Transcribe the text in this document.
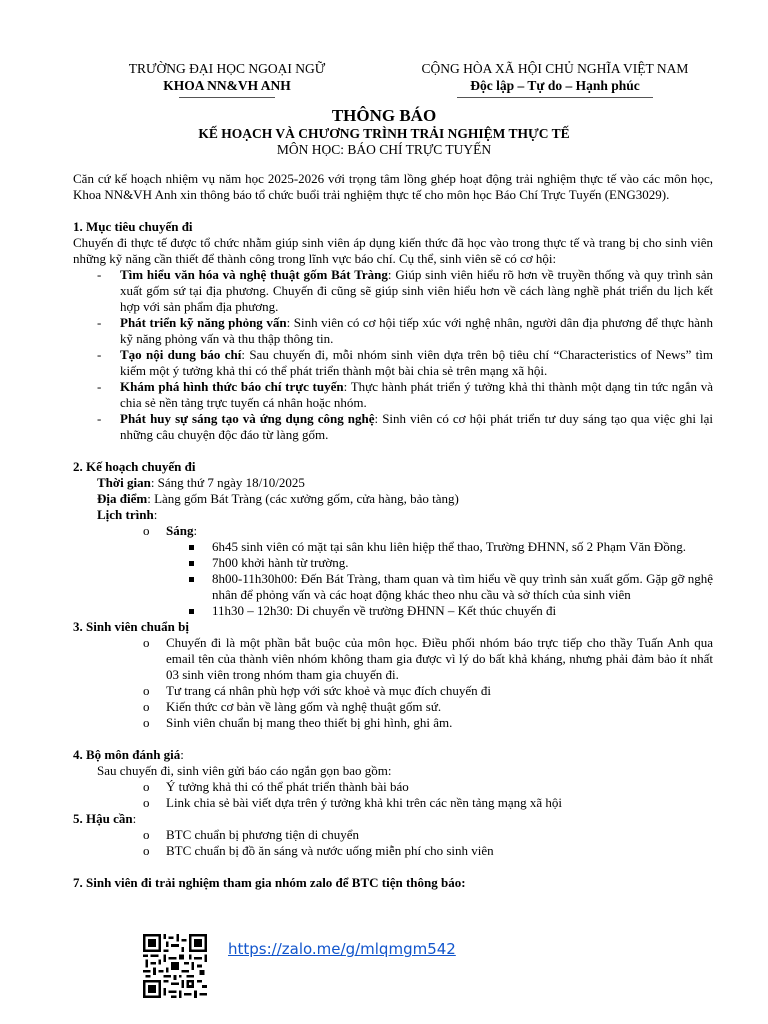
TRƯỜNG ĐẠI HỌC NGOẠI NGỮ
KHOA NN&VH ANH
CỘNG HÒA XÃ HỘI CHỦ NGHĨA VIỆT NAM
Độc lập – Tự do – Hạnh phúc
THÔNG BÁO
KẾ HOẠCH VÀ CHƯƠNG TRÌNH TRẢI NGHIỆM THỰC TẾ
MÔN HỌC: BÁO CHÍ TRỰC TUYẾN

Căn cứ kế hoạch nhiệm vụ năm học 2025-2026 với trọng tâm lồng ghép hoạt động trải nghiệm thực tế vào các môn học, Khoa NN&VH Anh xin thông báo tổ chức buổi trải nghiệm thực tế cho môn học Báo Chí Trực Tuyến (ENG3029).

1. Mục tiêu chuyến đi

Chuyến đi thực tế được tổ chức nhằm giúp sinh viên áp dụng kiến thức đã học vào trong thực tế và trang bị cho sinh viên những kỹ năng cần thiết để thành công trong lĩnh vực báo chí. Cụ thể, sinh viên sẽ có cơ hội:

- Tìm hiểu văn hóa và nghệ thuật gốm Bát Tràng: Giúp sinh viên hiểu rõ hơn về truyền thống và quy trình sản xuất gốm sứ tại địa phương. Chuyến đi cũng sẽ giúp sinh viên hiểu hơn về cách làng nghề phát triển du lịch kết hợp với sản phẩm địa phương.
- Phát triển kỹ năng phỏng vấn: Sinh viên có cơ hội tiếp xúc với nghệ nhân, người dân địa phương để thực hành kỹ năng phỏng vấn và thu thập thông tin.
- Tạo nội dung báo chí: Sau chuyến đi, mỗi nhóm sinh viên dựa trên bộ tiêu chí “Characteristics of News” tìm kiếm một ý tưởng khả thi có thể phát triển thành một bài chia sẻ trên mạng xã hội.
- Khám phá hình thức báo chí trực tuyến: Thực hành phát triển ý tưởng khả thi thành một dạng tin tức ngắn và chia sẻ nền tảng trực tuyến cá nhân hoặc nhóm.
- Phát huy sự sáng tạo và ứng dụng công nghệ: Sinh viên có cơ hội phát triển tư duy sáng tạo qua việc ghi lại những câu chuyện độc đáo từ làng gốm.

2. Kế hoạch chuyến đi

Thời gian: Sáng thứ 7 ngày 18/10/2025

Địa điểm: Làng gốm Bát Tràng (các xưởng gốm, cửa hàng, bảo tàng)

Lịch trình:

o Sáng:
6h45 sinh viên có mặt tại sân khu liên hiệp thể thao, Trường ĐHNN, số 2 Phạm Văn Đồng.
7h00 khởi hành từ trường.
8h00-11h30h00: Đến Bát Tràng, tham quan và tìm hiểu về quy trình sản xuất gốm. Gặp gỡ nghệ nhân để phỏng vấn và các hoạt động khác theo nhu cầu và sở thích của sinh viên
11h30 – 12h30: Di chuyển về trường ĐHNN – Kết thúc chuyến đi

3. Sinh viên chuẩn bị

o Chuyến đi là một phần bắt buộc của môn học. Điều phối nhóm báo trực tiếp cho thầy Tuấn Anh qua email tên của thành viên nhóm không tham gia được vì lý do bất khả kháng, nhưng phải đảm bảo ít nhất 03 sinh viên trong nhóm tham gia chuyến đi.
o Tư trang cá nhân phù hợp với sức khoẻ và mục đích chuyến đi
o Kiến thức cơ bản về làng gốm và nghệ thuật gốm sứ.
o Sinh viên chuẩn bị mang theo thiết bị ghi hình, ghi âm.

4. Bộ môn đánh giá:

Sau chuyến đi, sinh viên gửi báo cáo ngắn gọn bao gồm:

o Ý tưởng khả thi có thể phát triển thành bài báo
o Link chia sẻ bài viết dựa trên ý tưởng khả khi trên các nền tảng mạng xã hội

5. Hậu cần:

o BTC chuẩn bị phương tiện di chuyển
o BTC chuẩn bị đồ ăn sáng và nước uống miễn phí cho sinh viên

7. Sinh viên đi trải nghiệm tham gia nhóm zalo để BTC tiện thông báo:

https://zalo.me/g/mlqmgm542
